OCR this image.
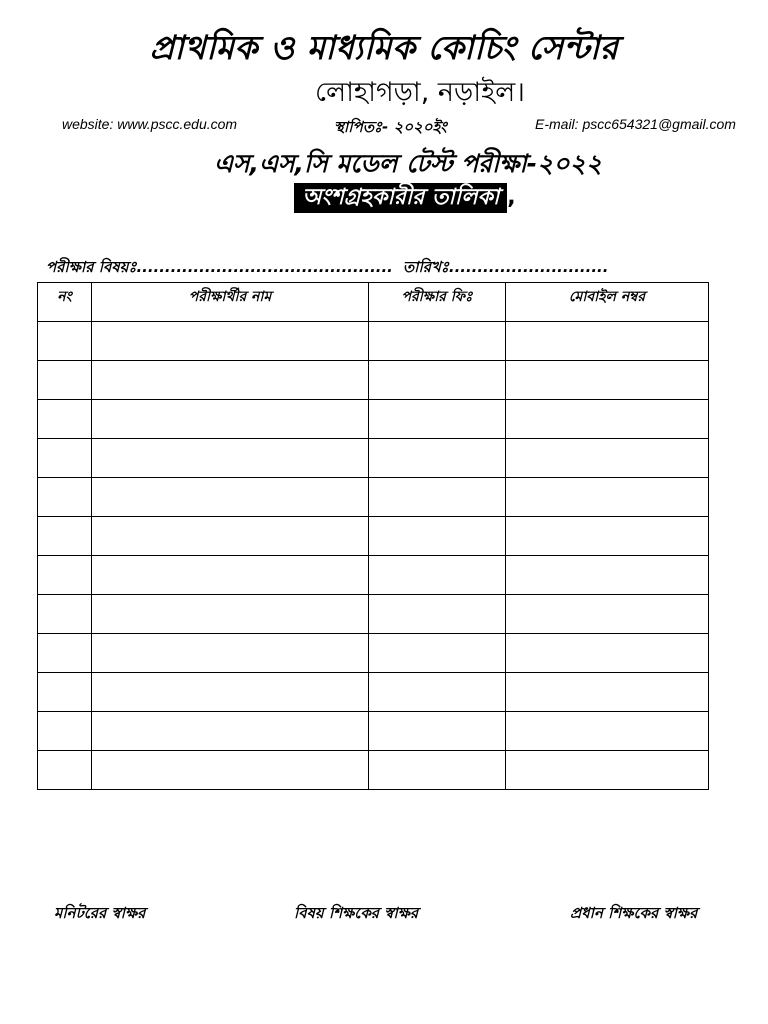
প্রাথমিক ও মাধ্যমিক কোচিং সেন্টার
লোহাগড়া, নড়াইল।
website: www.pscc.edu.com	স্থাপিতঃ- ২০২০ইং	E-mail: pscc654321@gmail.com
এস,এস,সি মডেল টেস্ট পরীক্ষা-২০২২
অংশগ্রহকারীর তালিকা ,
পরীক্ষার বিষয়ঃ............................................. তারিখঃ............................
নং	পরীক্ষার্থীর নাম	পরীক্ষার ফিঃ	মোবাইল নম্বর

মনিটরের স্বাক্ষর	বিষয় শিক্ষকের স্বাক্ষর	প্রধান শিক্ষকের স্বাক্ষর
